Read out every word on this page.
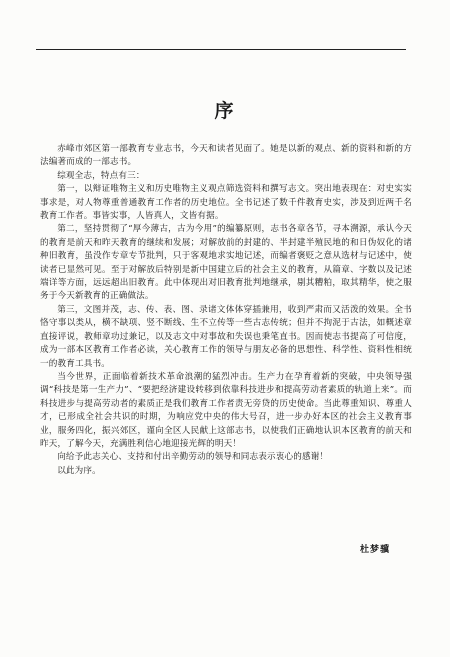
序

赤峰市郊区第一部教育专业志书，今天和读者见面了。她是以新的观点、新的资料和新的方法编著而成的一部志书。

综观全志，特点有三：

第一，以辩证唯物主义和历史唯物主义观点筛选资料和撰写志文。突出地表现在：对史实实事求是，对人物尊重普通教育工作者的历史地位。全书记述了数千件教育史实，涉及到近两千名教育工作者。事皆实事，人皆真人，文皆有据。

第二，坚持贯彻了“厚今薄古，古为今用”的编纂原则，志书各章各节，寻本溯源，承认今天的教育是前天和昨天教育的继续和发展；对解放前的封建的、半封建半殖民地的和日伪奴化的诸种旧教育，虽没作专章专节批判，只于客观地求实地记述，而编者褒贬之意从选材与记述中，使读者已显然可见。至于对解放后特别是新中国建立后的社会主义的教育，从篇章、字数以及记述端详等方面，远远超出旧教育。此中体现出对旧教育批判地继承，剔其糟粕，取其精华，使之服务于今天新教育的正确做法。

第三，文图并茂，志、传、表、图、录诸文体体穿插兼用，收到严肃而又活泼的效果。全书恪守事以类从，横不缺项、竖不断线、生不立传等一些古志传统；但并不拘泥于古法，如概述章直接评说，教师章功过兼记，以及志文中对事故和失误也秉笔直书。因而使志书提高了可信度，成为一部本区教育工作者必读，关心教育工作的领导与朋友必备的思想性、科学性、资料性相统一的教育工具书。

当今世界，正面临着新技术革命浪潮的猛烈冲击。生产力在孕育着新的突破，中央领导强调“科技是第一生产力”、“要把经济建设转移到依靠科技进步和提高劳动者素质的轨道上来”。而科技进步与提高劳动者的素质正是我们教育工作者责无旁贷的历史使命。当此尊重知识、尊重人才，已形成全社会共识的时期，为响应党中央的伟大号召，进一步办好本区的社会主义教育事业，服务四化，振兴郊区，谨向全区人民献上这部志书，以使我们正确地认识本区教育的前天和昨天，了解今天，充满胜利信心地迎接光辉的明天！

向给予此志关心、支持和付出辛勤劳动的领导和同志表示衷心的感谢！

以此为序。

杜梦骥
